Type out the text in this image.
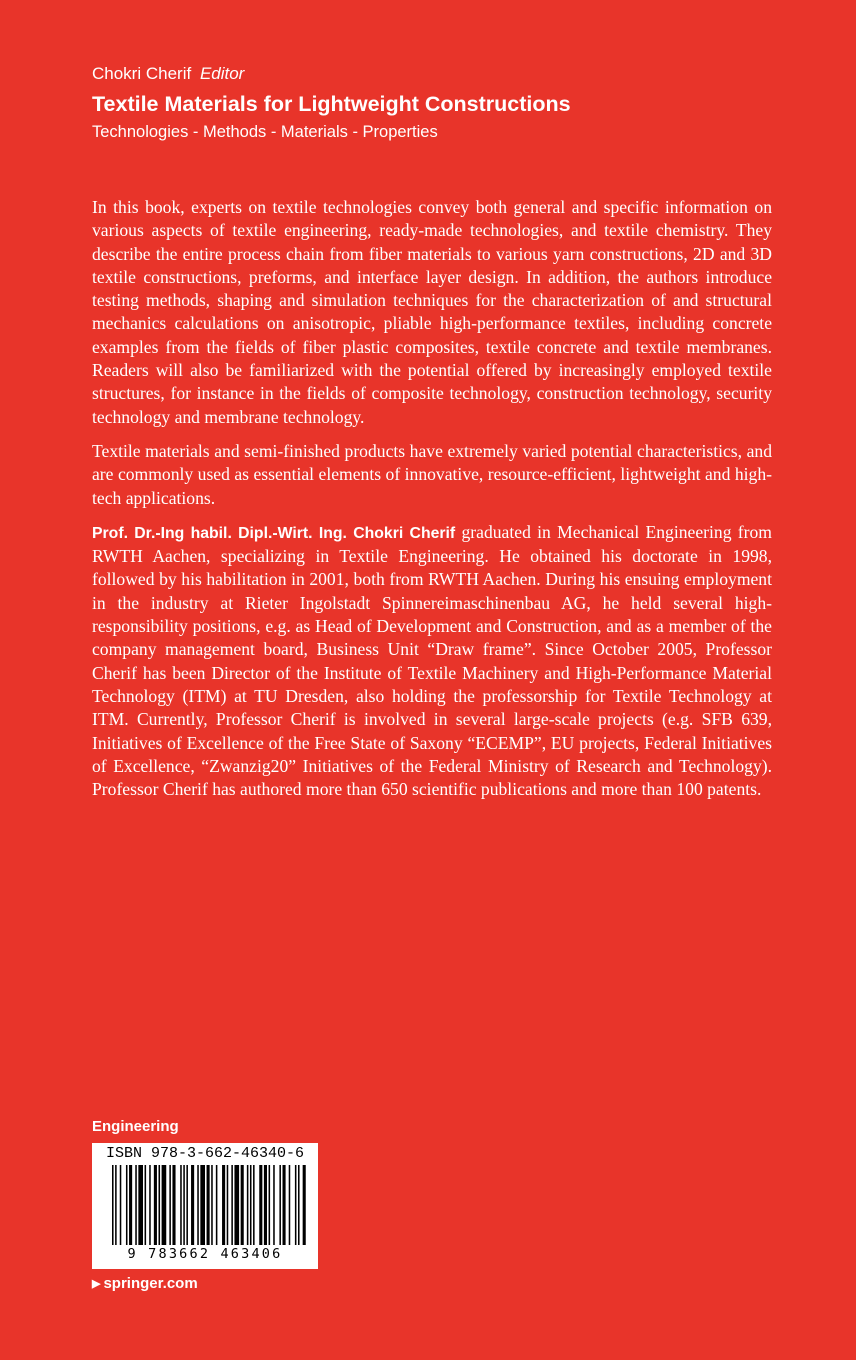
Chokri Cherif Editor
Textile Materials for Lightweight Constructions
Technologies - Methods - Materials - Properties

In this book, experts on textile technologies convey both general and specific information on various aspects of textile engineering, ready-made technologies, and textile chemistry. They describe the entire process chain from fiber materials to various yarn constructions, 2D and 3D textile constructions, preforms, and interface layer design. In addition, the authors introduce testing methods, shaping and simulation techniques for the characterization of and structural mechanics calculations on anisotropic, pliable high-performance textiles, including concrete examples from the fields of fiber plastic composites, textile concrete and textile membranes. Readers will also be familiarized with the potential offered by increasingly employed textile structures, for instance in the fields of composite technology, construction technology, security technology and membrane technology.

Textile materials and semi-finished products have extremely varied potential characteristics, and are commonly used as essential elements of innovative, resource-efficient, lightweight and high-tech applications.

Prof. Dr.-Ing habil. Dipl.-Wirt. Ing. Chokri Cherif graduated in Mechanical Engineering from RWTH Aachen, specializing in Textile Engineering. He obtained his doctorate in 1998, followed by his habilitation in 2001, both from RWTH Aachen. During his ensuing employment in the industry at Rieter Ingolstadt Spinnereimaschinenbau AG, he held several high-responsibility positions, e.g. as Head of Development and Construction, and as a member of the company management board, Business Unit “Draw frame”. Since October 2005, Professor Cherif has been Director of the Institute of Textile Machinery and High-Performance Material Technology (ITM) at TU Dresden, also holding the professorship for Textile Technology at ITM. Currently, Professor Cherif is involved in several large-scale projects (e.g. SFB 639, Initiatives of Excellence of the Free State of Saxony “ECEMP”, EU projects, Federal Initiatives of Excellence, “Zwanzig20” Initiatives of the Federal Ministry of Research and Technology). Professor Cherif has authored more than 650 scientific publications and more than 100 patents.

Engineering
ISBN 978-3-662-46340-6
9 783662 463406
▶ springer.com
